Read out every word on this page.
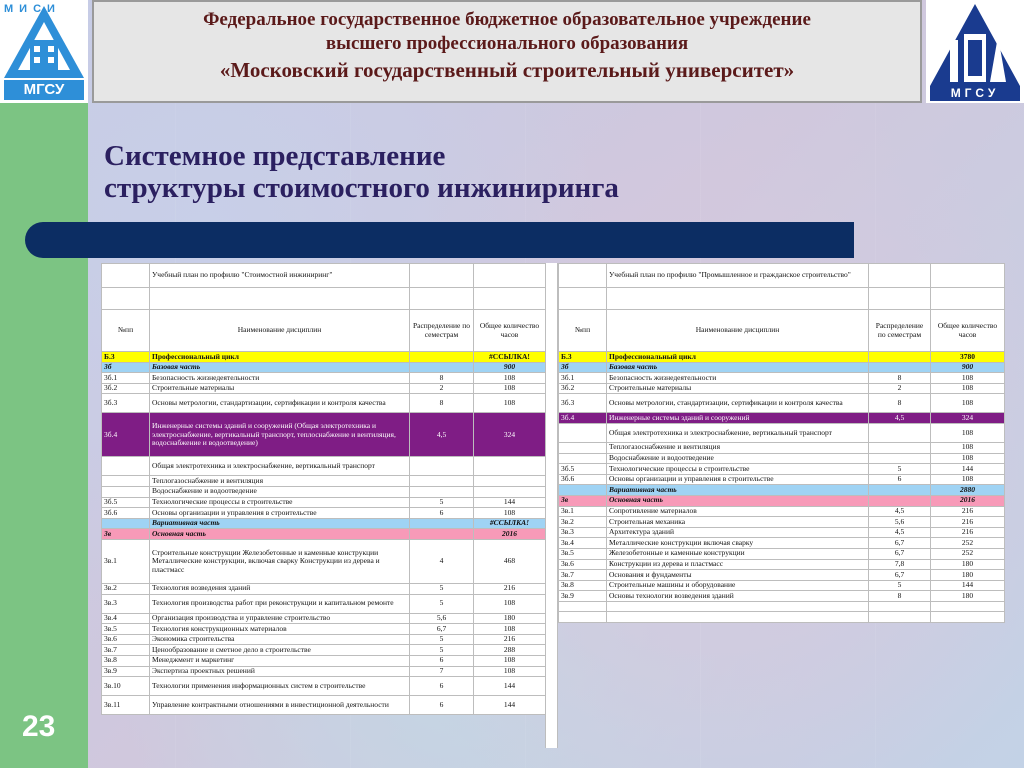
МИСИ
МГСУ
Федеральное государственное бюджетное образовательное учреждение
высшего профессионального образования
«Московский государственный строительный университет»
МГСУ
Системное представление
структуры стоимостного инжиниринга
	Учебный план по профилю "Стоимостной инжиниринг"		

№пп	Наименование дисциплин	Распределение по семестрам	Общее количество часов
Б.3	Профессиональный цикл		#ССЫЛКА!
3б	Базовая часть		900
3б.1	Безопасность жизнедеятельности	8	108
3б.2	Строительные материалы	2	108
3б.3	Основы метрологии, стандартизации, сертификации и контроля качества	8	108
3б.4	Инженерные системы зданий и сооружений (Общая электротехника и электроснабжение, вертикальный транспорт, теплоснабжение и вентиляция, водоснабжение и водоотведение)	4,5	324
	Общая электротехника и электроснабжение, вертикальный транспорт		
	Теплогазоснабжение и вентиляция		
	Водоснабжение и водоотведение		
3б.5	Технологические процессы в строительстве	5	144
3б.6	Основы организации и управления в строительстве	6	108
	Вариативная часть		#ССЫЛКА!
3в	Основная часть		2016
3в.1	Строительные конструкции Железобетонные и каменные конструкции Металлические конструкции, включая сварку Конструкции из дерева и пластмасс	4	468
3в.2	Технология возведения зданий	5	216
3в.3	Технология производства работ при реконструкции и капитальном ремонте	5	108
3в.4	Организация производства и управление строительство	5,6	180
3в.5	Технология конструкционных материалов	6,7	108
3в.6	Экономика строительства	5	216
3в.7	Ценообразование и сметное дело в строительстве	5	288
3в.8	Менеджмент и маркетинг	6	108
3в.9	Экспертиза проектных решений	7	108
3в.10	Технологии применения информационных систем в строительстве	6	144
3в.11	Управление контрактными отношениями в инвестиционной деятельности	6	144
	Учебный план по профилю "Промышленное и гражданское строительство"		

№пп	Наименование дисциплин	Распределение по семестрам	Общее количество часов
Б.3	Профессиональный цикл		3780
3б	Базовая часть		900
3б.1	Безопасность жизнедеятельности	8	108
3б.2	Строительные материалы	2	108
3б.3	Основы метрологии, стандартизации, сертификации и контроля качества	8	108
3б.4	Инженерные системы зданий и сооружений	4,5	324
	Общая электротехника и электроснабжение, вертикальный транспорт		108
	Теплогазоснабжение и вентиляция		108
	Водоснабжение и водоотведение		108
3б.5	Технологические процессы в строительстве	5	144
3б.6	Основы организации и управления в строительстве	6	108
	Вариативная часть		2880
3в	Основная часть		2016
3в.1	Сопротивление материалов	4,5	216
3в.2	Строительная механика	5,6	216
3в.3	Архитектура зданий	4,5	216
3в.4	Металлические конструкции включая сварку	6,7	252
3в.5	Железобетонные и каменные конструкции	6,7	252
3в.6	Конструкции из дерева и пластмасс	7,8	180
3в.7	Основания и фундаменты	6,7	180
3в.8	Строительные машины и оборудование	5	144
3в.9	Основы технологии возведения зданий	8	180

23
